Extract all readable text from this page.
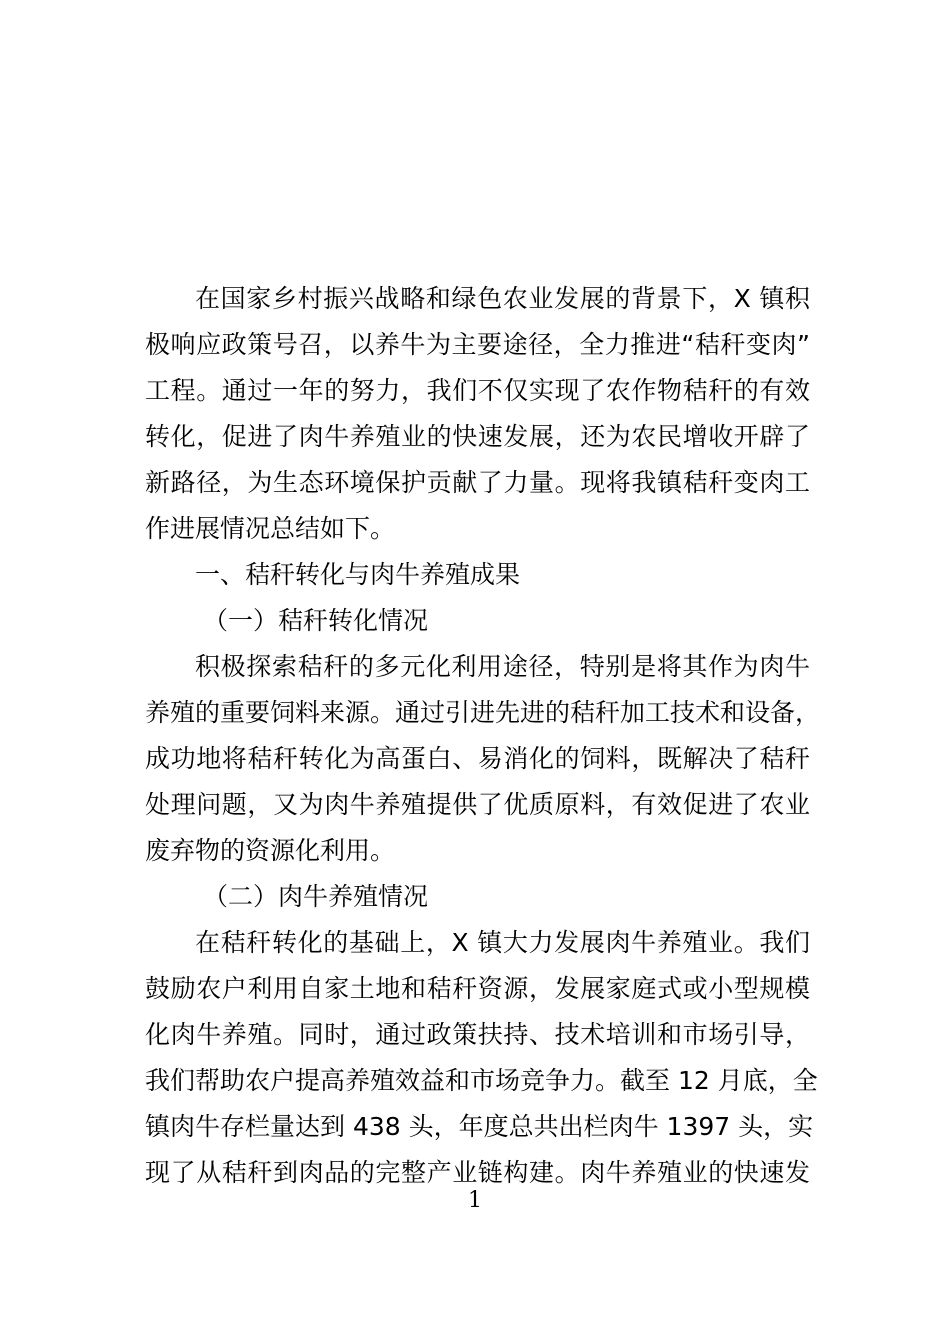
在国家乡村振兴战略和绿色农业发展的背景下，X 镇积
极响应政策号召，以养牛为主要途径，全力推进“秸秆变肉”
工程。通过一年的努力，我们不仅实现了农作物秸秆的有效
转化，促进了肉牛养殖业的快速发展，还为农民增收开辟了
新路径，为生态环境保护贡献了力量。现将我镇秸秆变肉工
作进展情况总结如下。
一、秸秆转化与肉牛养殖成果
（一）秸秆转化情况
积极探索秸秆的多元化利用途径，特别是将其作为肉牛
养殖的重要饲料来源。通过引进先进的秸秆加工技术和设备，
成功地将秸秆转化为高蛋白、易消化的饲料，既解决了秸秆
处理问题，又为肉牛养殖提供了优质原料，有效促进了农业
废弃物的资源化利用。
（二）肉牛养殖情况
在秸秆转化的基础上，X 镇大力发展肉牛养殖业。我们
鼓励农户利用自家土地和秸秆资源，发展家庭式或小型规模
化肉牛养殖。同时，通过政策扶持、技术培训和市场引导，
我们帮助农户提高养殖效益和市场竞争力。截至 12 月底，全
镇肉牛存栏量达到 438 头，年度总共出栏肉牛 1397 头，实
现了从秸秆到肉品的完整产业链构建。肉牛养殖业的快速发
1
